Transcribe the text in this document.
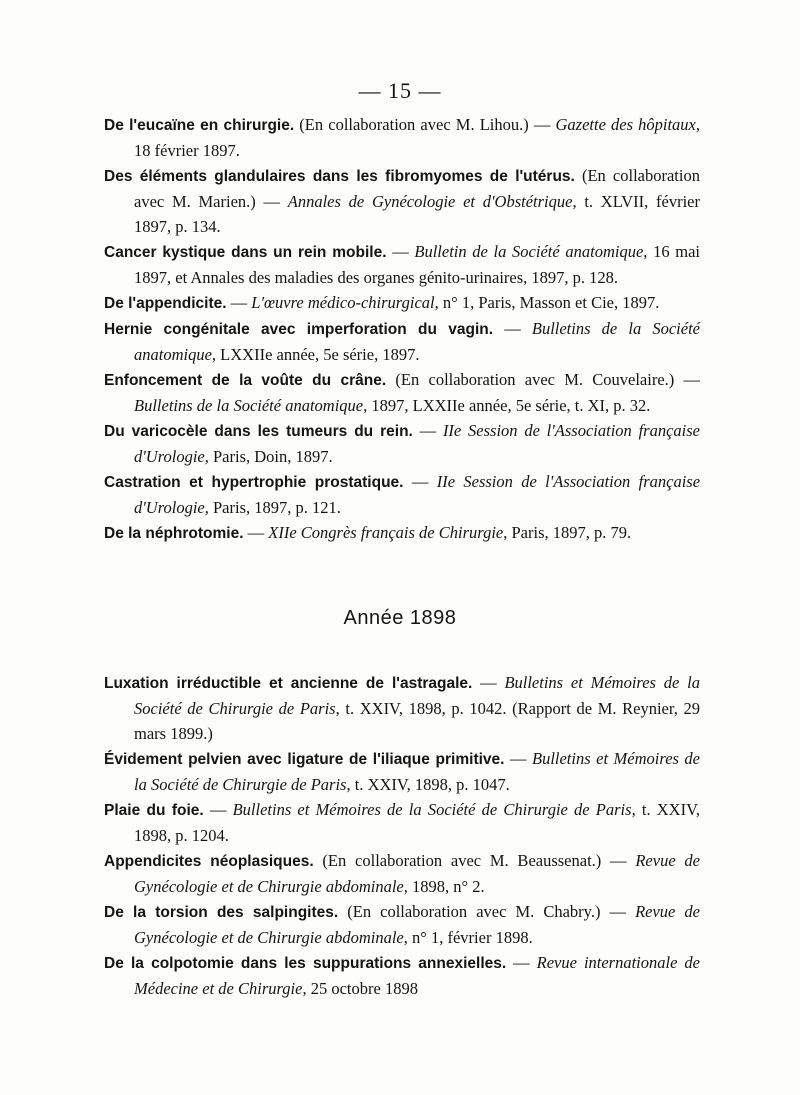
— 15 —

De l'eucaïne en chirurgie. (En collaboration avec M. Lihou.) — Gazette des hôpitaux, 18 février 1897.

Des éléments glandulaires dans les fibromyomes de l'utérus. (En collaboration avec M. Marien.) — Annales de Gynécologie et d'Obstétrique, t. XLVII, février 1897, p. 134.

Cancer kystique dans un rein mobile. — Bulletin de la Société anatomique, 16 mai 1897, et Annales des maladies des organes génito-urinaires, 1897, p. 128.

De l'appendicite. — L'œuvre médico-chirurgical, n° 1, Paris, Masson et Cie, 1897.

Hernie congénitale avec imperforation du vagin. — Bulletins de la Société anatomique, LXXIIe année, 5e série, 1897.

Enfoncement de la voûte du crâne. (En collaboration avec M. Couvelaire.) — Bulletins de la Société anatomique, 1897, LXXIIe année, 5e série, t. XI, p. 32.

Du varicocèle dans les tumeurs du rein. — IIe Session de l'Association française d'Urologie, Paris, Doin, 1897.

Castration et hypertrophie prostatique. — IIe Session de l'Association française d'Urologie, Paris, 1897, p. 121.

De la néphrotomie. — XIIe Congrès français de Chirurgie, Paris, 1897, p. 79.

Année 1898

Luxation irréductible et ancienne de l'astragale. — Bulletins et Mémoires de la Société de Chirurgie de Paris, t. XXIV, 1898, p. 1042. (Rapport de M. Reynier, 29 mars 1899.)

Évidement pelvien avec ligature de l'iliaque primitive. — Bulletins et Mémoires de la Société de Chirurgie de Paris, t. XXIV, 1898, p. 1047.

Plaie du foie. — Bulletins et Mémoires de la Société de Chirurgie de Paris, t. XXIV, 1898, p. 1204.

Appendicites néoplasiques. (En collaboration avec M. Beaussenat.) — Revue de Gynécologie et de Chirurgie abdominale, 1898, n° 2.

De la torsion des salpingites. (En collaboration avec M. Chabry.) — Revue de Gynécologie et de Chirurgie abdominale, n° 1, février 1898.

De la colpotomie dans les suppurations annexielles. — Revue internationale de Médecine et de Chirurgie, 25 octobre 1898
